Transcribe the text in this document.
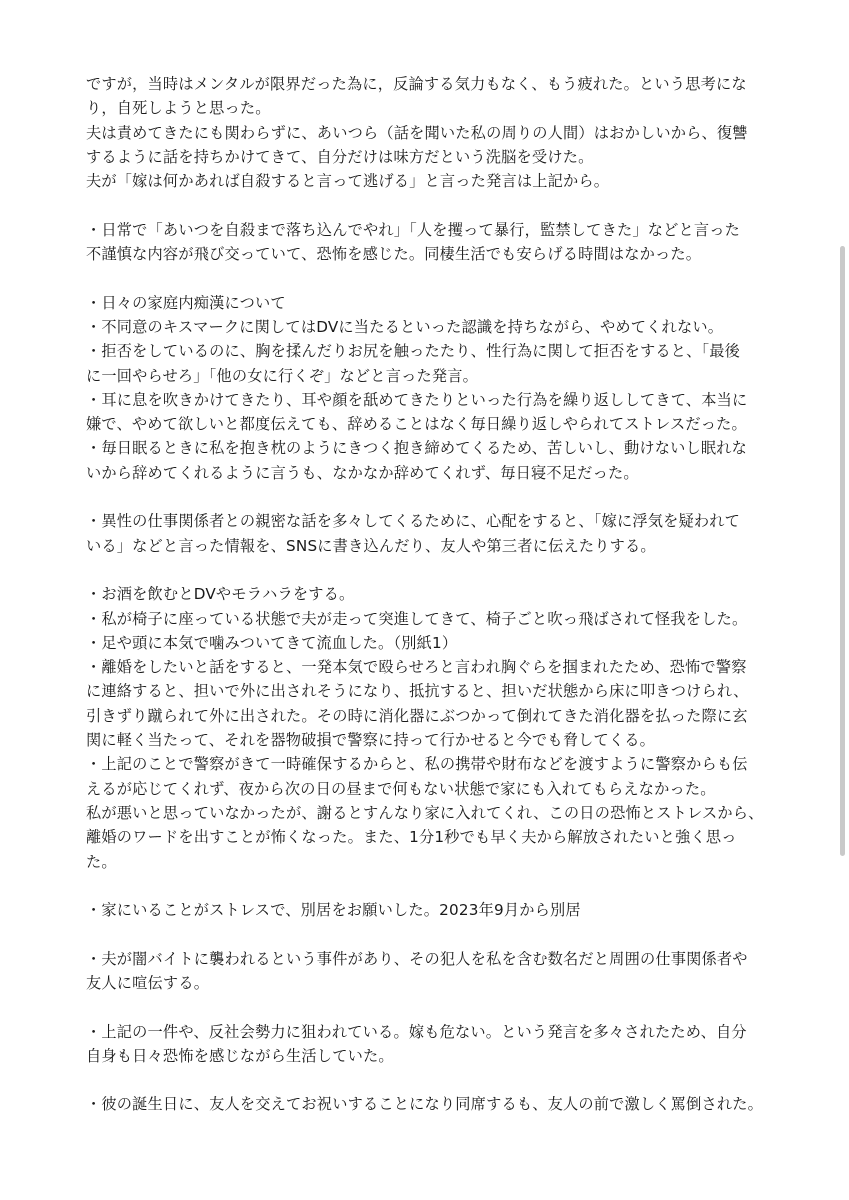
ですが，当時はメンタルが限界だった為に，反論する気力もなく、もう疲れた。という思考にな
り，自死しようと思った。
夫は責めてきたにも関わらずに、あいつら（話を聞いた私の周りの人間）はおかしいから、復讐
するように話を持ちかけてきて、自分だけは味方だという洗脳を受けた。
夫が「嫁は何かあれば自殺すると言って逃げる」と言った発言は上記から。
・日常で「あいつを自殺まで落ち込んでやれ」「人を攫って暴行，監禁してきた」などと言った
不謹慎な内容が飛び交っていて、恐怖を感じた。同棲生活でも安らげる時間はなかった。
・日々の家庭内痴漢について
・不同意のキスマークに関してはDVに当たるといった認識を持ちながら、やめてくれない。
・拒否をしているのに、胸を揉んだりお尻を触ったたり、性行為に関して拒否をすると、「最後
に一回やらせろ」「他の女に行くぞ」などと言った発言。
・耳に息を吹きかけてきたり、耳や顔を舐めてきたりといった行為を繰り返ししてきて、本当に
嫌で、やめて欲しいと都度伝えても、辞めることはなく毎日繰り返しやられてストレスだった。
・毎日眠るときに私を抱き枕のようにきつく抱き締めてくるため、苦しいし、動けないし眠れな
いから辞めてくれるように言うも、なかなか辞めてくれず、毎日寝不足だった。
・異性の仕事関係者との親密な話を多々してくるために、心配をすると、「嫁に浮気を疑われて
いる」などと言った情報を、SNSに書き込んだり、友人や第三者に伝えたりする。
・お酒を飲むとDVやモラハラをする。
・私が椅子に座っている状態で夫が走って突進してきて、椅子ごと吹っ飛ばされて怪我をした。
・足や頭に本気で噛みついてきて流血した。（別紙1）
・離婚をしたいと話をすると、一発本気で殴らせろと言われ胸ぐらを掴まれたため、恐怖で警察
に連絡すると、担いで外に出されそうになり、抵抗すると、担いだ状態から床に叩きつけられ、
引きずり蹴られて外に出された。その時に消化器にぶつかって倒れてきた消化器を払った際に玄
関に軽く当たって、それを器物破損で警察に持って行かせると今でも脅してくる。
・上記のことで警察がきて一時確保するからと、私の携帯や財布などを渡すように警察からも伝
えるが応じてくれず、夜から次の日の昼まで何もない状態で家にも入れてもらえなかった。
私が悪いと思っていなかったが、謝るとすんなり家に入れてくれ、この日の恐怖とストレスから、
離婚のワードを出すことが怖くなった。また、1分1秒でも早く夫から解放されたいと強く思っ
た。
・家にいることがストレスで、別居をお願いした。2023年9月から別居
・夫が闇バイトに襲われるという事件があり、その犯人を私を含む数名だと周囲の仕事関係者や
友人に喧伝する。
・上記の一件や、反社会勢力に狙われている。嫁も危ない。という発言を多々されたため、自分
自身も日々恐怖を感じながら生活していた。
・彼の誕生日に、友人を交えてお祝いすることになり同席するも、友人の前で激しく罵倒された。
